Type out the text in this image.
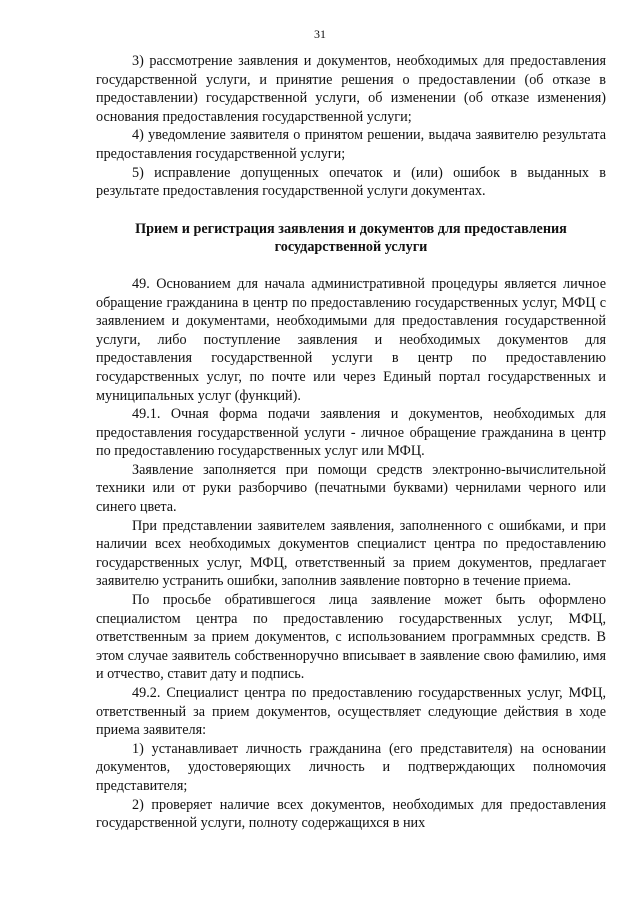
31

3) рассмотрение заявления и документов, необходимых для предоставления государственной услуги, и принятие решения о предоставлении (об отказе в предоставлении) государственной услуги, об изменении (об отказе изменения) основания предоставления государственной услуги;

4) уведомление заявителя о принятом решении, выдача заявителю результата предоставления государственной услуги;

5) исправление допущенных опечаток и (или) ошибок в выданных в результате предоставления государственной услуги документах.

Прием и регистрация заявления и документов для предоставления государственной услуги

49. Основанием для начала административной процедуры является личное обращение гражданина в центр по предоставлению государственных услуг, МФЦ с заявлением и документами, необходимыми для предоставления государственной услуги, либо поступление заявления и необходимых документов для предоставления государственной услуги в центр по предоставлению государственных услуг, по почте или через Единый портал государственных и муниципальных услуг (функций).

49.1. Очная форма подачи заявления и документов, необходимых для предоставления государственной услуги - личное обращение гражданина в центр по предоставлению государственных услуг или МФЦ.

Заявление заполняется при помощи средств электронно-вычислительной техники или от руки разборчиво (печатными буквами) чернилами черного или синего цвета.

При представлении заявителем заявления, заполненного с ошибками, и при наличии всех необходимых документов специалист центра по предоставлению государственных услуг, МФЦ, ответственный за прием документов, предлагает заявителю устранить ошибки, заполнив заявление повторно в течение приема.

По просьбе обратившегося лица заявление может быть оформлено специалистом центра по предоставлению государственных услуг, МФЦ, ответственным за прием документов, с использованием программных средств. В этом случае заявитель собственноручно вписывает в заявление свою фамилию, имя и отчество, ставит дату и подпись.

49.2. Специалист центра по предоставлению государственных услуг, МФЦ, ответственный за прием документов, осуществляет следующие действия в ходе приема заявителя:

1) устанавливает личность гражданина (его представителя) на основании документов, удостоверяющих личность и подтверждающих полномочия представителя;

2) проверяет наличие всех документов, необходимых для предоставления государственной услуги, полноту содержащихся в них
